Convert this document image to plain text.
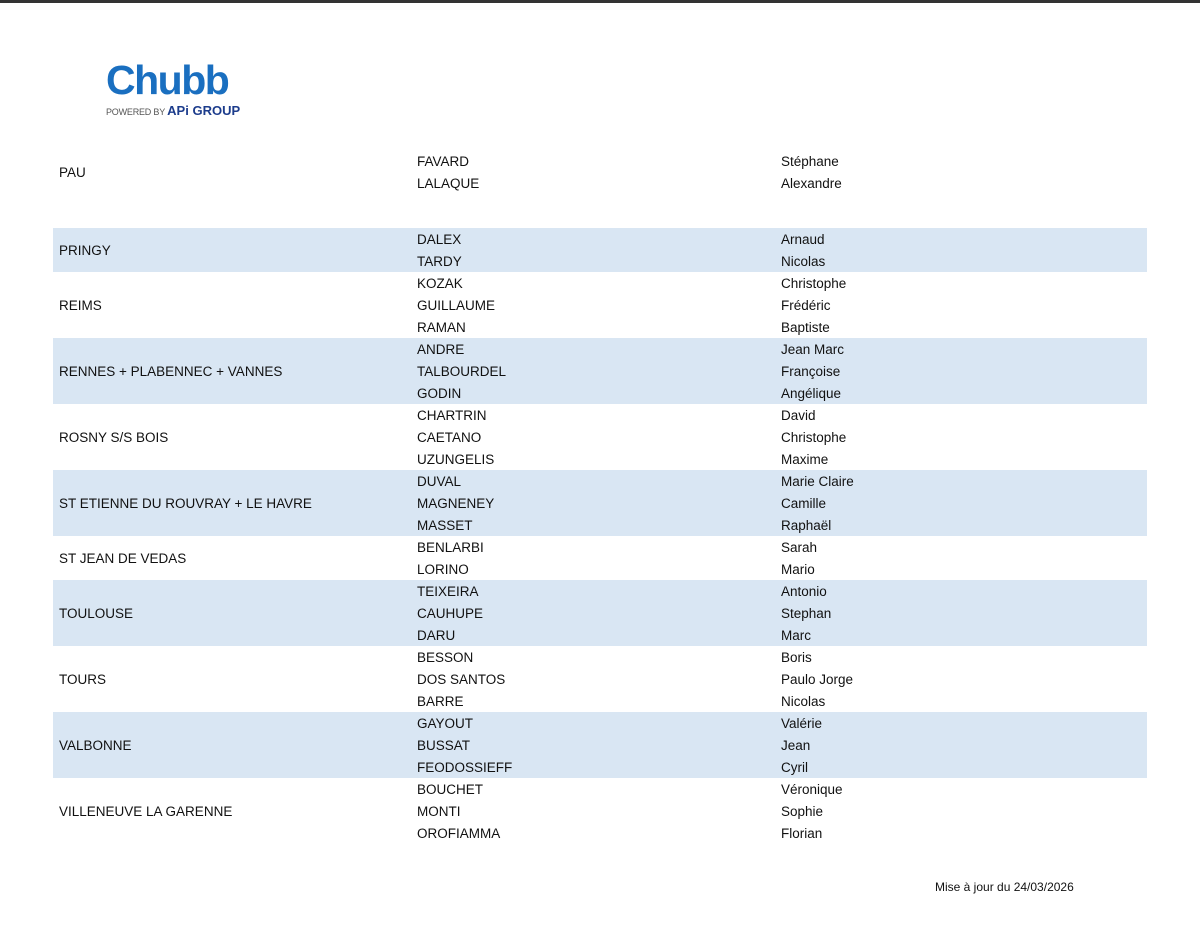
Chubb
POWERED BY APi GROUP
PAU
FAVARD	Stéphane
LALAQUE	Alexandre
PRINGY
DALEX	Arnaud
TARDY	Nicolas
REIMS
KOZAK	Christophe
GUILLAUME	Frédéric
RAMAN	Baptiste
RENNES + PLABENNEC + VANNES
ANDRE	Jean Marc
TALBOURDEL	Françoise
GODIN	Angélique
ROSNY S/S BOIS
CHARTRIN	David
CAETANO	Christophe
UZUNGELIS	Maxime
ST ETIENNE DU ROUVRAY + LE HAVRE
DUVAL	Marie Claire
MAGNENEY	Camille
MASSET	Raphaël
ST JEAN DE VEDAS
BENLARBI	Sarah
LORINO	Mario
TOULOUSE
TEIXEIRA	Antonio
CAUHUPE	Stephan
DARU	Marc
TOURS
BESSON	Boris
DOS SANTOS	Paulo Jorge
BARRE	Nicolas
VALBONNE
GAYOUT	Valérie
BUSSAT	Jean
FEODOSSIEFF	Cyril
VILLENEUVE LA GARENNE
BOUCHET	Véronique
MONTI	Sophie
OROFIAMMA	Florian
Mise à jour du 24/03/2026
